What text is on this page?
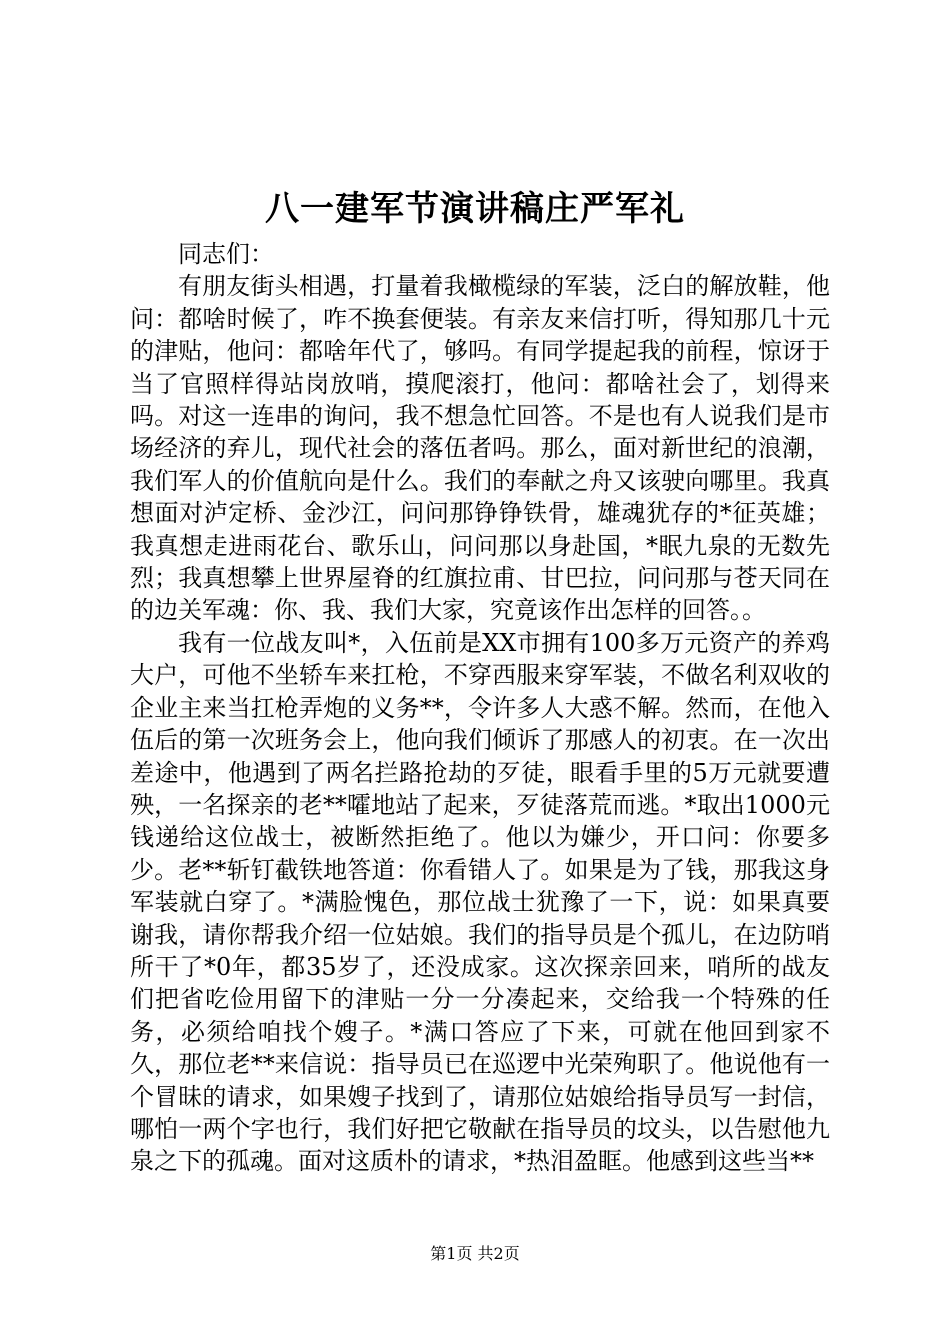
八一建军节演讲稿庄严军礼

同志们：

有朋友街头相遇，打量着我橄榄绿的军装，泛白的解放鞋，他问：都啥时候了，咋不换套便装。有亲友来信打听，得知那几十元的津贴，他问：都啥年代了，够吗。有同学提起我的前程，惊讶于当了官照样得站岗放哨，摸爬滚打，他问：都啥社会了，划得来吗。对这一连串的询问，我不想急忙回答。不是也有人说我们是市场经济的弃儿，现代社会的落伍者吗。那么，面对新世纪的浪潮，我们军人的价值航向是什么。我们的奉献之舟又该驶向哪里。我真想面对泸定桥、金沙江，问问那铮铮铁骨，雄魂犹存的*征英雄；我真想走进雨花台、歌乐山，问问那以身赴国，*眠九泉的无数先烈；我真想攀上世界屋脊的红旗拉甫、甘巴拉，问问那与苍天同在的边关军魂：你、我、我们大家，究竟该作出怎样的回答。。

我有一位战友叫*，入伍前是XX市拥有100多万元资产的养鸡大户，可他不坐轿车来扛枪，不穿西服来穿军装，不做名利双收的企业主来当扛枪弄炮的义务**，令许多人大惑不解。然而，在他入伍后的第一次班务会上，他向我们倾诉了那感人的初衷。在一次出差途中，他遇到了两名拦路抢劫的歹徒，眼看手里的5万元就要遭殃，一名探亲的老**嚯地站了起来，歹徒落荒而逃。*取出1000元钱递给这位战士，被断然拒绝了。他以为嫌少，开口问：你要多少。老**斩钉截铁地答道：你看错人了。如果是为了钱，那我这身军装就白穿了。*满脸愧色，那位战士犹豫了一下，说：如果真要谢我，请你帮我介绍一位姑娘。我们的指导员是个孤儿，在边防哨所干了*0年，都35岁了，还没成家。这次探亲回来，哨所的战友们把省吃俭用留下的津贴一分一分凑起来，交给我一个特殊的任务，必须给咱找个嫂子。*满口答应了下来，可就在他回到家不久，那位老**来信说：指导员已在巡逻中光荣殉职了。他说他有一个冒昧的请求，如果嫂子找到了，请那位姑娘给指导员写一封信，哪怕一两个字也行，我们好把它敬献在指导员的坟头，以告慰他九泉之下的孤魂。面对这质朴的请求，*热泪盈眶。他感到这些当**

第1页 共2页
